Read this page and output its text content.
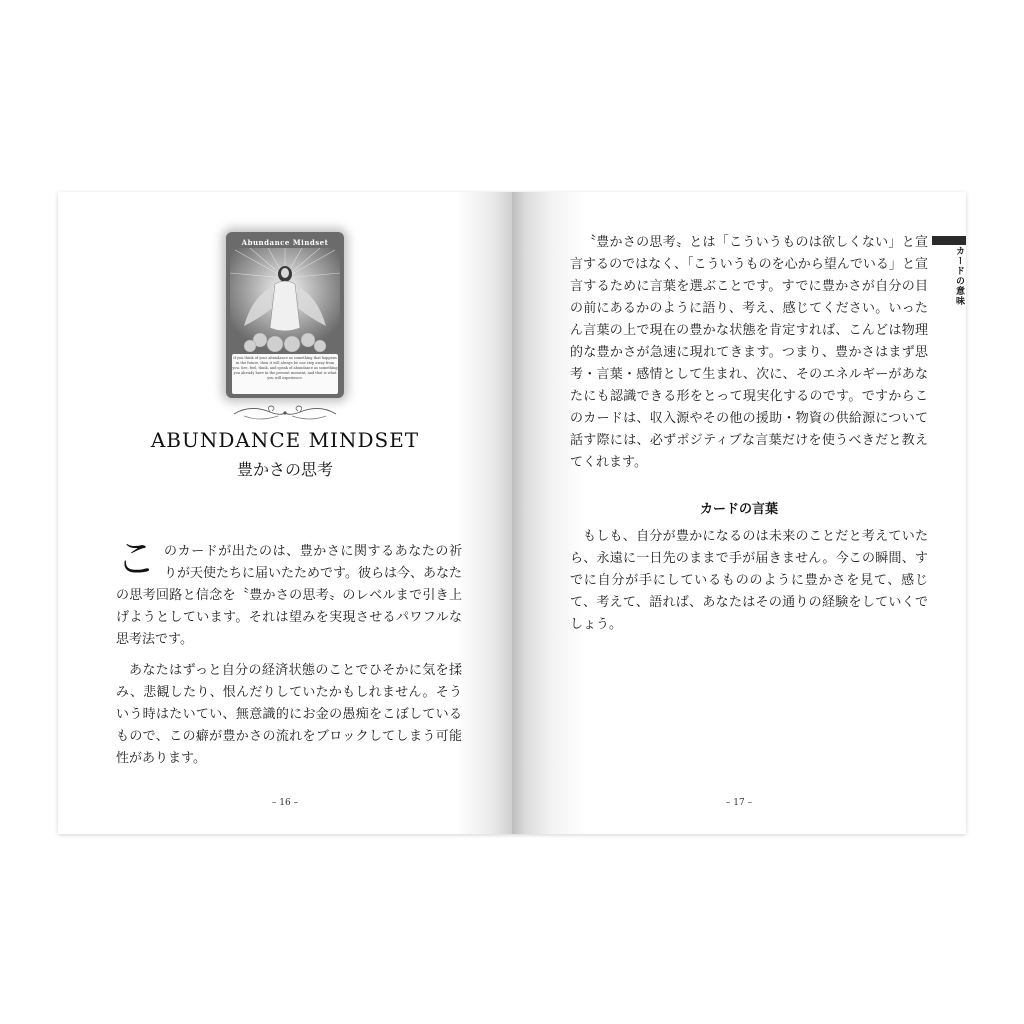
Abundance Mindset
If you think of your abundance as something that happens in the future, then it will always be one step away from you. See, feel, think, and speak of abundance as something you already have in the present moment, and that is what you will experience.
ABUNDANCE MINDSET
豊かさの思考

このカードが出たのは、豊かさに関するあなたの祈りが天使たちに届いたためです。彼らは今、あなたの思考回路と信念を〝豊かさの思考〟のレベルまで引き上げようとしています。それは望みを実現させるパワフルな思考法です。

あなたはずっと自分の経済状態のことでひそかに気を揉み、悲観したり、恨んだりしていたかもしれません。そういう時はたいてい、無意識的にお金の愚痴をこぼしているもので、この癖が豊かさの流れをブロックしてしまう可能性があります。

– 16 –

〝豊かさの思考〟とは「こういうものは欲しくない」と宣言するのではなく、「こういうものを心から望んでいる」と宣言するために言葉を選ぶことです。すでに豊かさが自分の目の前にあるかのように語り、考え、感じてください。いったん言葉の上で現在の豊かな状態を肯定すれば、こんどは物理的な豊かさが急速に現れてきます。つまり、豊かさはまず思考・言葉・感情として生まれ、次に、そのエネルギーがあなたにも認識できる形をとって現実化するのです。ですからこのカードは、収入源やその他の援助・物資の供給源について話す際には、必ずポジティブな言葉だけを使うべきだと教えてくれます。

カードの言葉

もしも、自分が豊かになるのは未来のことだと考えていたら、永遠に一日先のままで手が届きません。今この瞬間、すでに自分が手にしているもののように豊かさを見て、感じて、考えて、語れば、あなたはその通りの経験をしていくでしょう。

– 17 –
カードの意味
